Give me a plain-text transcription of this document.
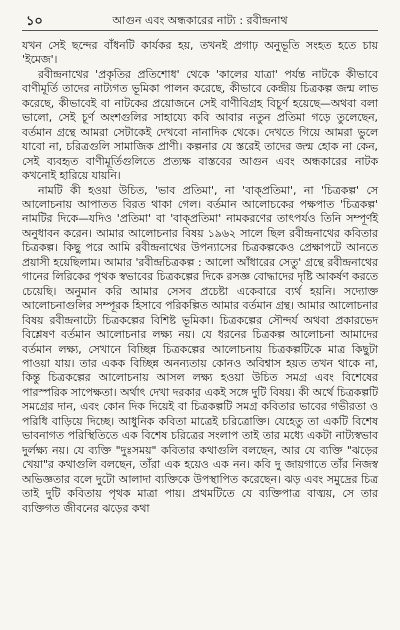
১০	আগুন এবং অন্ধকারের নাট্য : রবীন্দ্রনাথ

যখন সেই ছন্দের বাঁধনটি কার্যকর হয়, তখনই প্রগাঢ় অনুভূতি সংহত হতে চায় 'ইমেজ'।

রবীন্দ্রনাথের 'প্রকৃতির প্রতিশোধ' থেকে 'কালের যাত্রা' পর্যন্ত নাটকে কীভাবে বাণীমূর্তি তাদের নাট্যগত ভূমিকা পালন করেছে, কীভাবে কেন্দ্রীয় চিত্রকল্প জন্ম লাভ করেছে, কীভাবেই বা নাটকের প্রয়োজনে সেই বাণীবিগ্রহ বিচূর্ণ হয়েছে—অথবা বলা ভালো, সেই চূর্ণ অংশগুলির সাহায্যে কবি আবার নতুন প্রতিমা গড়ে তুলেছেন, বর্তমান গ্রন্থে আমরা সেটাকেই দেখবো নানাদিক থেকে। দেখতে গিয়ে আমরা ভুলে যাবো না, চরিত্রগুলি সামাজিক প্রাণী। কল্পনার যে স্তরেই তাদের জন্ম হোক না কেন, সেই ব্যবহৃত বাণীমূর্তিগুলিতে প্রত্যক্ষ বাস্তবের আগুন এবং অন্ধকারের নাটক কখনোই হারিয়ে যায়নি।

নামটি কী হওয়া উচিত, 'ভাব প্রতিমা', না 'বাক্প্রতিমা', না 'চিত্রকল্প' সে আলোচনায় আপাতত বিরত থাকা গেল। বর্তমান আলোচকের পক্ষপাত 'চিত্রকল্প' নামটির দিকে—যদিও 'প্রতিমা' বা 'বাক্প্রতিমা' নামকরণের তাৎপর্যও তিনি সম্পূর্ণই অনুধাবন করেন। আমার আলোচনার বিষয় ১৯৬২ সালে ছিল রবীন্দ্রনাথের কবিতার চিত্রকল্প। কিছু পরে আমি রবীন্দ্রনাথের উপন্যাসের চিত্রকল্পকেও প্রেক্ষাপটে আনতে প্রয়াসী হয়েছিলাম। আমার 'রবীন্দ্রচিত্রকল্প : আলো আঁধারের সেতু' গ্রন্থে রবীন্দ্রনাথের গানের লিরিকের পৃথক স্বভাবের চিত্রকল্পের দিকে রসজ্ঞ বোদ্ধাদের দৃষ্টি আকর্ষণ করতে চেয়েছি। অনুমান করি আমার সেসব প্রচেষ্টা একেবারে ব্যর্থ হয়নি। সদ্যোক্ত আলোচনাগুলির সম্পূরক হিসাবে পরিকল্পিত আমার বর্তমান গ্রন্থ। আমার আলোচনার বিষয় রবীন্দ্রনাট্যে চিত্রকল্পের বিশিষ্ট ভূমিকা। চিত্রকল্পের সৌন্দর্য অথবা প্রকারভেদ বিশ্লেষণ বর্তমান আলোচনার লক্ষ্য নয়। যে ধরনের চিত্রকল্প আলোচনা আমাদের বর্তমান লক্ষ্য, সেখানে বিচ্ছিন্ন চিত্রকল্পের আলোচনায় চিত্রকল্পটিকে মাত্র কিছুটা পাওয়া যায়। তার একক বিচ্ছিন্ন অনন্যতায় কোনও অবিশ্বাস হয়ত তখন থাকে না, কিন্তু চিত্রকল্পের আলোচনায় আসল লক্ষ্য হওয়া উচিত সমগ্র এবং বিশেষের পারস্পরিক সাপেক্ষতা। অর্থাৎ দেখা দরকার একই সঙ্গে দুটি বিষয়। কী অর্থে চিত্রকল্পটি সমগ্রের দান, এবং কোন দিক দিয়েই বা চিত্রকল্পটি সমগ্র কবিতার ভাবের গভীরতা ও পরিধি বাড়িয়ে দিচ্ছে। আধুনিক কবিতা মাত্রেই চরিত্রোক্তি। যেহেতু তা একটি বিশেষ ভাবনাগত পরিস্থিতিতে এক বিশেষ চরিত্রের সংলাপ তাই তার মধ্যে একটা নাট্যস্বভাব দুর্লক্ষ্য নয়। যে ব্যক্তি "দুঃসময়" কবিতার কথাগুলি বলছেন, আর যে ব্যক্তি "ঝড়ের খেয়া"র কথাগুলি বলছেন, তাঁরা এক হয়েও এক নন। কবি দু জায়গাতে তাঁর নিজস্ব অভিজ্ঞতার বলে দুটো আলাদা ব্যক্তিকে উপস্থাপিত করেছেন। ঝড় এবং সমুদ্রের চিত্র তাই দুটি কবিতায় পৃথক মাত্রা পায়। প্রথমটিতে যে ব্যক্তিপাত্র বাঙ্ময়, সে তার ব্যক্তিগত জীবনের ঝড়ের কথা
